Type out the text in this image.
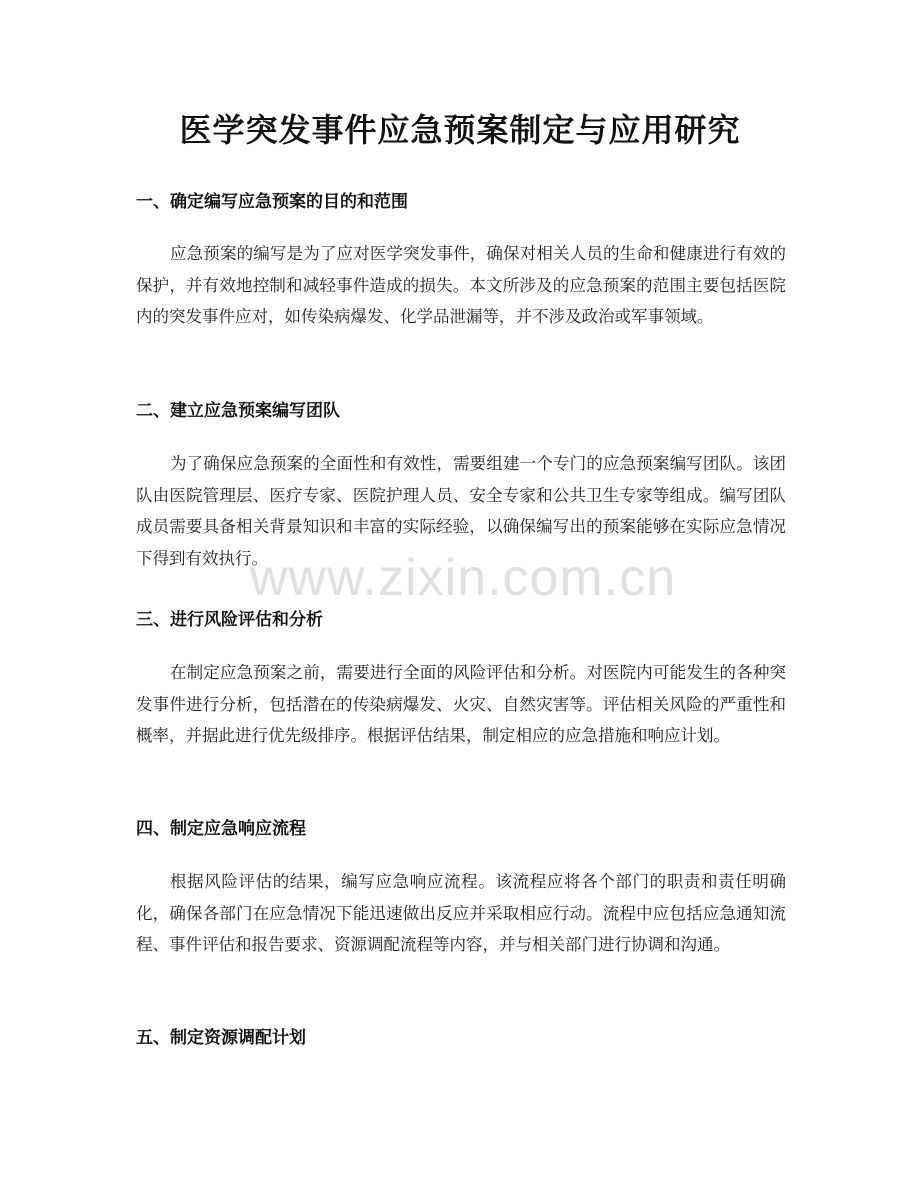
医学突发事件应急预案制定与应用研究
一、确定编写应急预案的目的和范围

应急预案的编写是为了应对医学突发事件，确保对相关人员的生命和健康进行有效的保护，并有效地控制和减轻事件造成的损失。本文所涉及的应急预案的范围主要包括医院内的突发事件应对，如传染病爆发、化学品泄漏等，并不涉及政治或军事领域。

二、建立应急预案编写团队

为了确保应急预案的全面性和有效性，需要组建一个专门的应急预案编写团队。该团队由医院管理层、医疗专家、医院护理人员、安全专家和公共卫生专家等组成。编写团队成员需要具备相关背景知识和丰富的实际经验，以确保编写出的预案能够在实际应急情况下得到有效执行。

三、进行风险评估和分析

在制定应急预案之前，需要进行全面的风险评估和分析。对医院内可能发生的各种突发事件进行分析，包括潜在的传染病爆发、火灾、自然灾害等。评估相关风险的严重性和概率，并据此进行优先级排序。根据评估结果，制定相应的应急措施和响应计划。

四、制定应急响应流程

根据风险评估的结果，编写应急响应流程。该流程应将各个部门的职责和责任明确化，确保各部门在应急情况下能迅速做出反应并采取相应行动。流程中应包括应急通知流程、事件评估和报告要求、资源调配流程等内容，并与相关部门进行协调和沟通。

五、制定资源调配计划
www.zixin.com.cn
